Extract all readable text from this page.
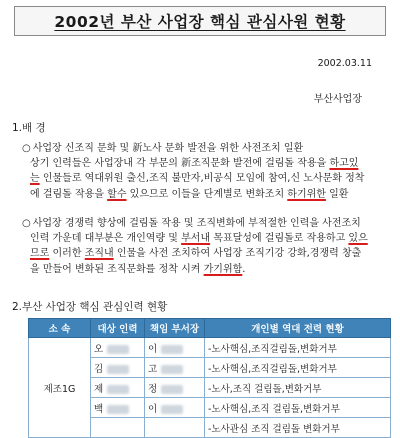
2002년 부산 사업장 핵심 관심사원 현황
2002.03.11
부산사업장
1.배 경
○ 사업장 신조직 문화 및 新노사 문화 발전을 위한 사전조치 일환
상기 인력들은 사업장내 각 부문의 新조직문화 발전에 걸림돌 작용을 하고있
는 인물들로 역대위원 출신,조직 불만자,비공식 모임에 참여,신 노사문화 정착
에 걸림돌 작용을 할수 있으므로 이들을 단계별로 변화조치 하기위한 일환
○ 사업장 경쟁력 향상에 걸림돌 작용 및 조직변화에 부적절한 인력을 사전조치
인력 가운데 대부분은 개인역량 및 부서내 목표달성에 걸림돌로 작용하고 있으
므로 이러한 조직내 인물을 사전 조치하여 사업장 조직기강 강화,경쟁력 창출
을 만들어 변화된 조직문화를 정착 시켜 가기위함.
2.부산 사업장 핵심 관심인력 현황
소 속	대상 인력	책임 부서장	개인별 역대 전력 현황
제조1G	오	이	-노사핵심,조직걸림돌,변화거부
	김	고	-노사핵심,조직걸림돌,변화거부
	제	정	-노사,조직 걸림돌,변화거부
	백	이	-노사핵심,조직 걸림돌,변화거부
			-노사관심 조직 걸림돌 변화거부
